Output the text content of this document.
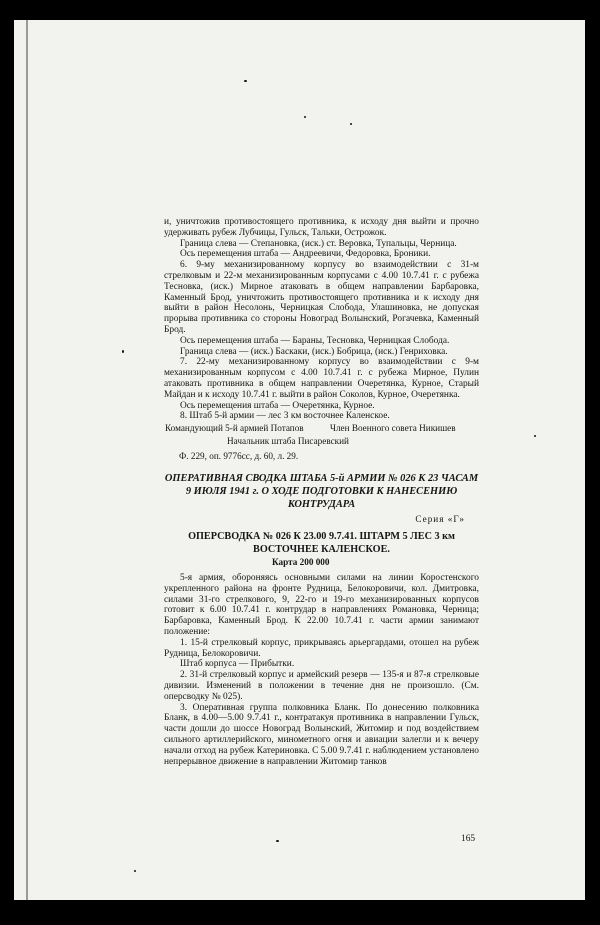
и, уничтожив противостоящего противника, к исходу дня выйти и прочно удерживать рубеж Лубчицы, Гульск, Тальки, Острожок.

Граница слева — Степановка, (иск.) ст. Веровка, Тупальцы, Черница.

Ось перемещения штаба — Андреевичи, Федоровка, Броники.

6. 9-му механизированному корпусу во взаимодействии с 31-м стрелковым и 22-м механизированным корпусами с 4.00 10.7.41 г. с рубежа Тесновка, (иск.) Мирное атаковать в общем направлении Барбаровка, Каменный Брод, уничтожить противостоящего противника и к исходу дня выйти в район Несолонь, Черницкая Слобода, Улашиновка, не допуская прорыва противника со стороны Новоград Волынский, Рогачевка, Каменный Брод.

Ось перемещения штаба — Бараны, Тесновка, Черницкая Слобода.

Граница слева — (иск.) Баскаки, (иск.) Бобрица, (иск.) Генриховка.

7. 22-му механизированному корпусу во взаимодействии с 9-м механизированным корпусом с 4.00 10.7.41 г. с рубежа Мирное, Пулин атаковать противника в общем направлении Очеретянка, Курное, Старый Майдан и к исходу 10.7.41 г. выйти в район Соколов, Курное, Очеретянка.

Ось перемещения штаба — Очеретянка, Курное.

8. Штаб 5-й армии — лес 3 км восточнее Каленское.

Командующий 5-й армией Потапов	Член Военного совета Никишев
Начальник штаба Писаревский
Ф. 229, оп. 9776сс, д. 60, л. 29.
ОПЕРАТИВНАЯ СВОДКА ШТАБА 5-й АРМИИ № 026 К 23 ЧАСАМ 9 ИЮЛЯ 1941 г. О ХОДЕ ПОДГОТОВКИ К НАНЕСЕНИЮ КОНТРУДАРА
Серия «Г»
ОПЕРСВОДКА № 026 К 23.00 9.7.41. ШТАРМ 5 ЛЕС 3 км ВОСТОЧНЕЕ КАЛЕНСКОЕ.
Карта 200 000

5-я армия, обороняясь основными силами на линии Коростенского укрепленного района на фронте Рудница, Белокоровичи, кол. Дмитровка, силами 31-го стрелкового, 9, 22-го и 19-го механизированных корпусов готовит к 6.00 10.7.41 г. контрудар в направлениях Романовка, Черница; Барбаровка, Каменный Брод. К 22.00 10.7.41 г. части армии занимают положение:

1. 15-й стрелковый корпус, прикрываясь арьергардами, отошел на рубеж Рудница, Белокоровичи.

Штаб корпуса — Прибытки.

2. 31-й стрелковый корпус и армейский резерв — 135-я и 87-я стрелковые дивизии. Изменений в положении в течение дня не произошло. (См. оперсводку № 025).

3. Оперативная группа полковника Бланк. По донесению полковника Бланк, в 4.00—5.00 9.7.41 г., контратакуя противника в направлении Гульск, части дошли до шоссе Новоград Волынский, Житомир и под воздействием сильного артиллерийского, минометного огня и авиации залегли и к вечеру начали отход на рубеж Катериновка. С 5.00 9.7.41 г. наблюдением установлено непрерывное движение в направлении Житомир танков

165
